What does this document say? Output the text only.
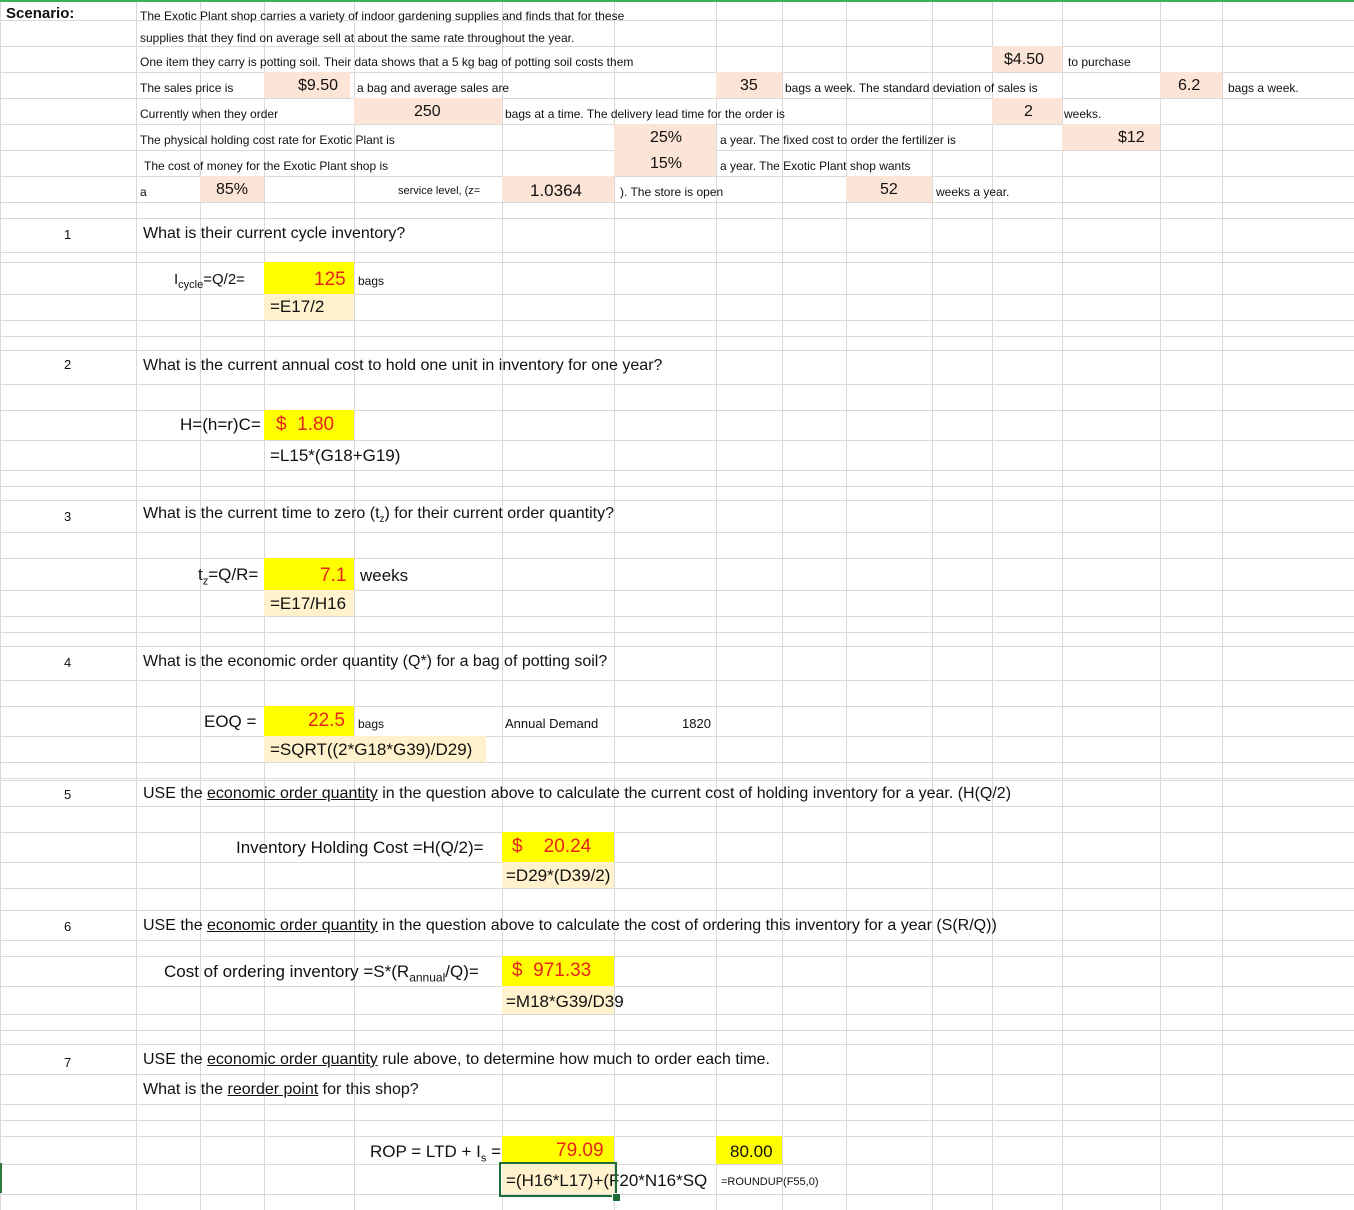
Scenario:	The Exotic Plant shop carries a variety of indoor gardening supplies and finds that for these
supplies that they find on average sell at about the same rate throughout the year.
One item they carry is potting soil. Their data shows that a 5 kg bag of potting soil costs them	$4.50 to purchase
The sales price is	$9.50 a bag and average sales are	35 bags a week. The standard deviation of sales is	6.2 bags a week.
Currently when they order	250	bags at a time. The delivery lead time for the order is	2	weeks.
The physical holding cost rate for Exotic Plant is	25%	a year. The fixed cost to order the fertilizer is	$12
The cost of money for the Exotic Plant shop is	15%	a year. The Exotic Plant shop wants
a	85%	service level, (z=	1.0364	). The store is open	52	weeks a year.
1	What is their current cycle inventory?
$I_{cycle}=Q/2=$	125 bags
=E17/2
2	What is the current annual cost to hold one unit in inventory for one year?
H=(h=r)C= $  1.80
=L15*(G18+G19)
3	What is the current time to zero $(t_z)$ for their current order quantity?
$t_z=Q/R=$	7.1 weeks
=E17/H16
4	What is the economic order quantity (Q*) for a bag of potting soil?
EOQ =	22.5 bags	Annual Demand	1820
=SQRT((2*G18*G39)/D29)
5	USE the economic order quantity in the question above to calculate the current cost of holding inventory for a year. (H(Q/2)
Inventory Holding Cost =H(Q/2)= $    20.24
=D29*(D39/2)
6	USE the economic order quantity in the question above to calculate the cost of ordering this inventory for a year (S(R/Q))
Cost of ordering inventory $=S*(R_{annual}/Q)=$ $  971.33
=M18*G39/D39
7	USE the economic order quantity rule above, to determine how much to order each time.
What is the reorder point for this shop?
ROP = LTD + $I_s$ =	79.09	80.00
=(H16*L17)+(F20*N16*SQ =ROUNDUP(F55,0)
